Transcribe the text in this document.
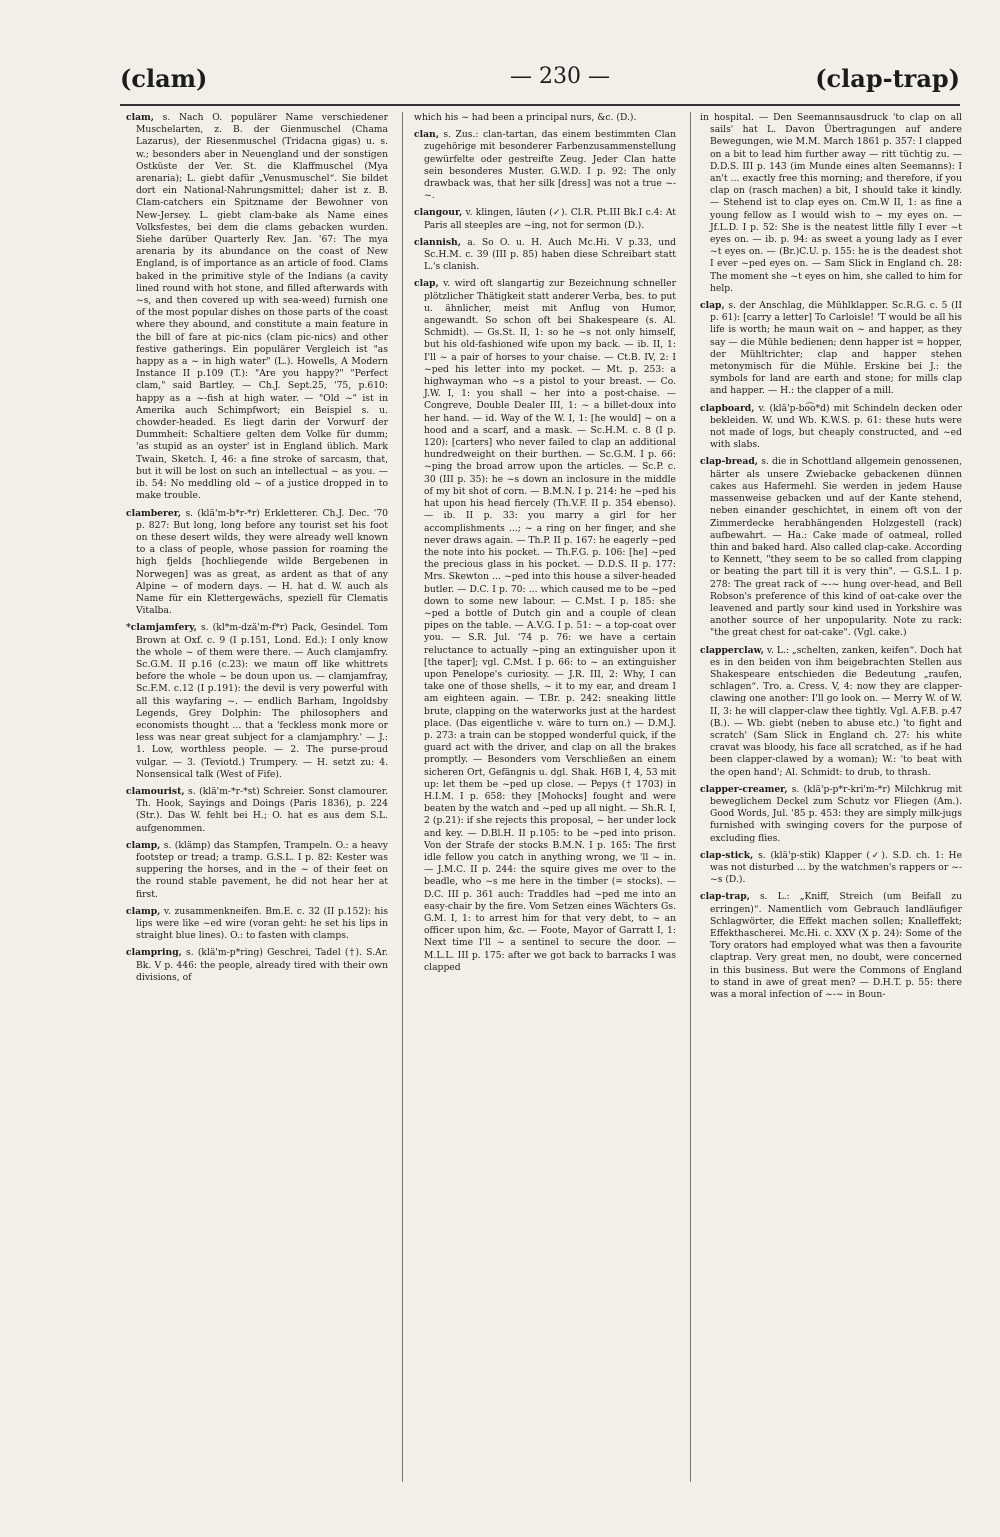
(clam)	— 230 —	(clap-trap)

clam, s. Nach O. populärer Name verschiedener Muschelarten, z. B. der Gienmuschel (Chama Lazarus), der Riesenmuschel (Tridacna gigas) u. s. w.; besonders aber in Neuengland und der sonstigen Ostküste der Ver. St. die Klaffmuschel (Mya arenaria); L. giebt dafür „Venusmuschel“. Sie bildet dort ein National-Nahrungsmittel; daher ist z. B. Clam-catchers ein Spitzname der Bewohner von New-Jersey. L. giebt clam-bake als Name eines Volksfestes, bei dem die clams gebacken wurden. Siehe darüber Quarterly Rev. Jan. '67: The mya arenaria by its abundance on the coast of New England, is of importance as an article of food. Clams baked in the primitive style of the Indians (a cavity lined round with hot stone, and filled afterwards with ~s, and then covered up with sea-weed) furnish one of the most popular dishes on those parts of the coast where they abound, and constitute a main feature in the bill of fare at pic-nics (clam pic-nics) and other festive gatherings. Ein populärer Vergleich ist "as happy as a ~ in high water" (L.). Howells, A Modern Instance II p.109 (T.): "Are you happy?" "Perfect clam," said Bartley. — Ch.J. Sept.25, '75, p.610: happy as a ~-fish at high water. — "Old ~" ist in Amerika auch Schimpfwort; ein Beispiel s. u. chowder-headed. Es liegt darin der Vorwurf der Dummheit: Schaltiere gelten dem Volke für dumm; 'as stupid as an oyster' ist in England üblich. Mark Twain, Sketch. I, 46: a fine stroke of sarcasm, that, but it will be lost on such an intellectual ~ as you. — ib. 54: No meddling old ~ of a justice dropped in to make trouble.

clamberer, s. (klä'm-b*r-*r) Erkletterer. Ch.J. Dec. '70 p. 827: But long, long before any tourist set his foot on these desert wilds, they were already well known to a class of people, whose passion for roaming the high fjelds [hochliegende wilde Bergebenen in Norwegen] was as great, as ardent as that of any Alpine ~ of modern days. — H. hat d. W. auch als Name für ein Klettergewächs, speziell für Clematis Vitalba.

*clamjamfery, s. (kl*m-dzä'm-f*r) Pack, Gesindel. Tom Brown at Oxf. c. 9 (I p.151, Lond. Ed.): I only know the whole ~ of them were there. — Auch clamjamfry. Sc.G.M. II p.16 (c.23): we maun off like whittrets before the whole ~ be doun upon us. — clamjamfray, Sc.F.M. c.12 (I p.191): the devil is very powerful with all this wayfaring ~. — endlich Barham, Ingoldsby Legends, Grey Dolphin: The philosophers and economists thought ... that a 'feckless monk more or less was near great subject for a clamjamphry.' — J.: 1. Low, worthless people. — 2. The purse-proud vulgar. — 3. (Teviotd.) Trumpery. — H. setzt zu: 4. Nonsensical talk (West of Fife).

clamourist, s. (klä'm-*r-*st) Schreier. Sonst clamourer. Th. Hook, Sayings and Doings (Paris 1836), p. 224 (Str.). Das W. fehlt bei H.; O. hat es aus dem S.L. aufgenommen.

clamp, s. (klämp) das Stampfen, Trampeln. O.: a heavy footstep or tread; a tramp. G.S.L. I p. 82: Kester was suppering the horses, and in the ~ of their feet on the round stable pavement, he did not hear her at first.

clamp, v. zusammenkneifen. Bm.E. c. 32 (II p.152): his lips were like ~ed wire (voran geht: he set his lips in straight blue lines). O.: to fasten with clamps.

clampring, s. (klä'm-p*ring) Geschrei, Tadel (†). S.Ar. Bk. V p. 446: the people, already tired with their own divisions, of

which his ~ had been a principal nurs, &c. (D.).

clan, s. Zus.: clan-tartan, das einem bestimmten Clan zugehörige mit besonderer Farbenzusammenstellung gewürfelte oder gestreifte Zeug. Jeder Clan hatte sein besonderes Muster. G.W.D. I p. 92: The only drawback was, that her silk [dress] was not a true ~-~.

clangour, v. klingen, läuten (✓). Cl.R. Pt.III Bk.I c.4: At Paris all steeples are ~ing, not for sermon (D.).

clannish, a. So O. u. H. Auch Mc.Hi. V p.33, und Sc.H.M. c. 39 (III p. 85) haben diese Schreibart statt L.'s clanish.

clap, v. wird oft slangartig zur Bezeichnung schneller plötzlicher Thätigkeit statt anderer Verba, bes. to put u. ähnlicher, meist mit Anflug von Humor, angewandt. So schon oft bei Shakespeare (s. Al. Schmidt). — Gs.St. II, 1: so he ~s not only himself, but his old-fashioned wife upon my back. — ib. II, 1: I'll ~ a pair of horses to your chaise. — Ct.B. IV, 2: I ~ped his letter into my pocket. — Mt. p. 253: a highwayman who ~s a pistol to your breast. — Co. J.W. I, 1: you shall ~ her into a post-chaise. — Congreve, Double Dealer III, 1: ~ a billet-doux into her hand. — id. Way of the W. I, 1: [he would] ~ on a hood and a scarf, and a mask. — Sc.H.M. c. 8 (I p. 120): [carters] who never failed to clap an additional hundredweight on their burthen. — Sc.G.M. I p. 66: ~ping the broad arrow upon the articles. — Sc.P. c. 30 (III p. 35): he ~s down an inclosure in the middle of my bit shot of corn. — B.M.N. I p. 214: he ~ped his hat upon his head fiercely (Th.V.F. II p. 354 ebenso). — ib. II p. 33: you marry a girl for her accomplishments ...; ~ a ring on her finger, and she never draws again. — Th.P. II p. 167: he eagerly ~ped the note into his pocket. — Th.F.G. p. 106: [he] ~ped the precious glass in his pocket. — D.D.S. II p. 177: Mrs. Skewton ... ~ped into this house a silver-headed butler. — D.C. I p. 70: ... which caused me to be ~ped down to some new labour. — C.Mst. I p. 185: she ~ped a bottle of Dutch gin and a couple of clean pipes on the table. — A.V.G. I p. 51: ~ a top-coat over you. — S.R. Jul. '74 p. 76: we have a certain reluctance to actually ~ping an extinguisher upon it [the taper]; vgl. C.Mst. I p. 66: to ~ an extinguisher upon Penelope's curiosity. — J.R. III, 2: Why, I can take one of those shells, ~ it to my ear, and dream I am eighteen again. — T.Br. p. 242: sneaking little brute, clapping on the waterworks just at the hardest place. (Das eigentliche v. wäre to turn on.) — D.M.J. p. 273: a train can be stopped wonderful quick, if the guard act with the driver, and clap on all the brakes promptly. — Besonders vom Verschließen an einem sicheren Ort, Gefängnis u. dgl. Shak. H6B I, 4, 53 mit up: let them be ~ped up close. — Pepys († 1703) in H.I.M. I p. 658: they [Mohocks] fought and were beaten by the watch and ~ped up all night. — Sh.R. I, 2 (p.21): if she rejects this proposal, ~ her under lock and key. — D.Bl.H. II p.105: to be ~ped into prison. Von der Strafe der stocks B.M.N. I p. 165: The first idle fellow you catch in anything wrong, we 'll ~ in. — J.M.C. II p. 244: the squire gives me over to the beadle, who ~s me here in the timber (= stocks). — D.C. III p. 361 auch: Traddles had ~ped me into an easy-chair by the fire. Vom Setzen eines Wächters Gs. G.M. I, 1: to arrest him for that very debt, to ~ an officer upon him, &c. — Foote, Mayor of Garratt I, 1: Next time I'll ~ a sentinel to secure the door. — M.L.L. III p. 175: after we got back to barracks I was clapped

in hospital. — Den Seemannsausdruck 'to clap on all sails' hat L. Davon Übertragungen auf andere Bewegungen, wie M.M. March 1861 p. 357: I clapped on a bit to lead him further away — ritt tüchtig zu. — D.D.S. III p. 143 (im Munde eines alten Seemanns): I an't ... exactly free this morning; and therefore, if you clap on (rasch machen) a bit, I should take it kindly. — Stehend ist to clap eyes on. Cm.W II, 1: as fine a young fellow as I would wish to ~ my eyes on. — Jf.L.D. I p. 52: She is the neatest little filly I ever ~t eyes on. — ib. p. 94: as sweet a young lady as I ever ~t eyes on. — (Br.)C.U. p. 155: he is the deadest shot I ever ~ped eyes on. — Sam Slick in England ch. 28: The moment she ~t eyes on him, she called to him for help.

clap, s. der Anschlag, die Mühlklapper. Sc.R.G. c. 5 (II p. 61): [carry a letter] To Carloisle! 'T would be all his life is worth; he maun wait on ~ and happer, as they say — die Mühle bedienen; denn happer ist = hopper, der Mühltrichter; clap and happer stehen metonymisch für die Mühle. Erskine bei J.: the symbols for land are earth and stone; for mills clap and happer. — H.: the clapper of a mill.

clapboard, v. (klä'p-bo͡o*d) mit Schindeln decken oder bekleiden. W. und Wb. K.W.S. p. 61: these huts were not made of logs, but cheaply constructed, and ~ed with slabs.

clap-bread, s. die in Schottland allgemein genossenen, härter als unsere Zwiebacke gebackenen dünnen cakes aus Hafermehl. Sie werden in jedem Hause massenweise gebacken und auf der Kante stehend, neben einander geschichtet, in einem oft von der Zimmerdecke herabhängenden Holzgestell (rack) aufbewahrt. — Ha.: Cake made of oatmeal, rolled thin and baked hard. Also called clap-cake. According to Kennett, "they seem to be so called from clapping or beating the part till it is very thin". — G.S.L. I p. 278: The great rack of ~-~ hung over-head, and Bell Robson's preference of this kind of oat-cake over the leavened and partly sour kind used in Yorkshire was another source of her unpopularity. Note zu rack: "the great chest for oat-cake". (Vgl. cake.)

clapperclaw, v. L.: „schelten, zanken, keifen“. Doch hat es in den beiden von ihm beigebrachten Stellen aus Shakespeare entschieden die Bedeutung „raufen, schlagen“. Tro. a. Cress. V, 4: now they are clapper-clawing one another: I'll go look on. — Merry W. of W. II, 3: he will clapper-claw thee tightly. Vgl. A.F.B. p.47 (B.). — Wb. giebt (neben to abuse etc.) 'to fight and scratch' (Sam Slick in England ch. 27: his white cravat was bloody, his face all scratched, as if he had been clapper-clawed by a woman); W.: 'to beat with the open hand'; Al. Schmidt: to drub, to thrash.

clapper-creamer, s. (klä'p-p*r-kri'm-*r) Milchkrug mit beweglichem Deckel zum Schutz vor Fliegen (Am.). Good Words, Jul. '85 p. 453: they are simply milk-jugs furnished with swinging covers for the purpose of excluding flies.

clap-stick, s. (klä'p-stik) Klapper (✓). S.D. ch. 1: He was not disturbed ... by the watchmen's rappers or ~-~s (D.).

clap-trap, s. L.: „Kniff, Streich (um Beifall zu erringen)“. Namentlich vom Gebrauch landläufiger Schlagwörter, die Effekt machen sollen; Knalleffekt; Effekthascherei. Mc.Hi. c. XXV (X p. 24): Some of the Tory orators had employed what was then a favourite claptrap. Very great men, no doubt, were concerned in this business. But were the Commons of England to stand in awe of great men? — D.H.T. p. 55: there was a moral infection of ~-~ in Boun-
